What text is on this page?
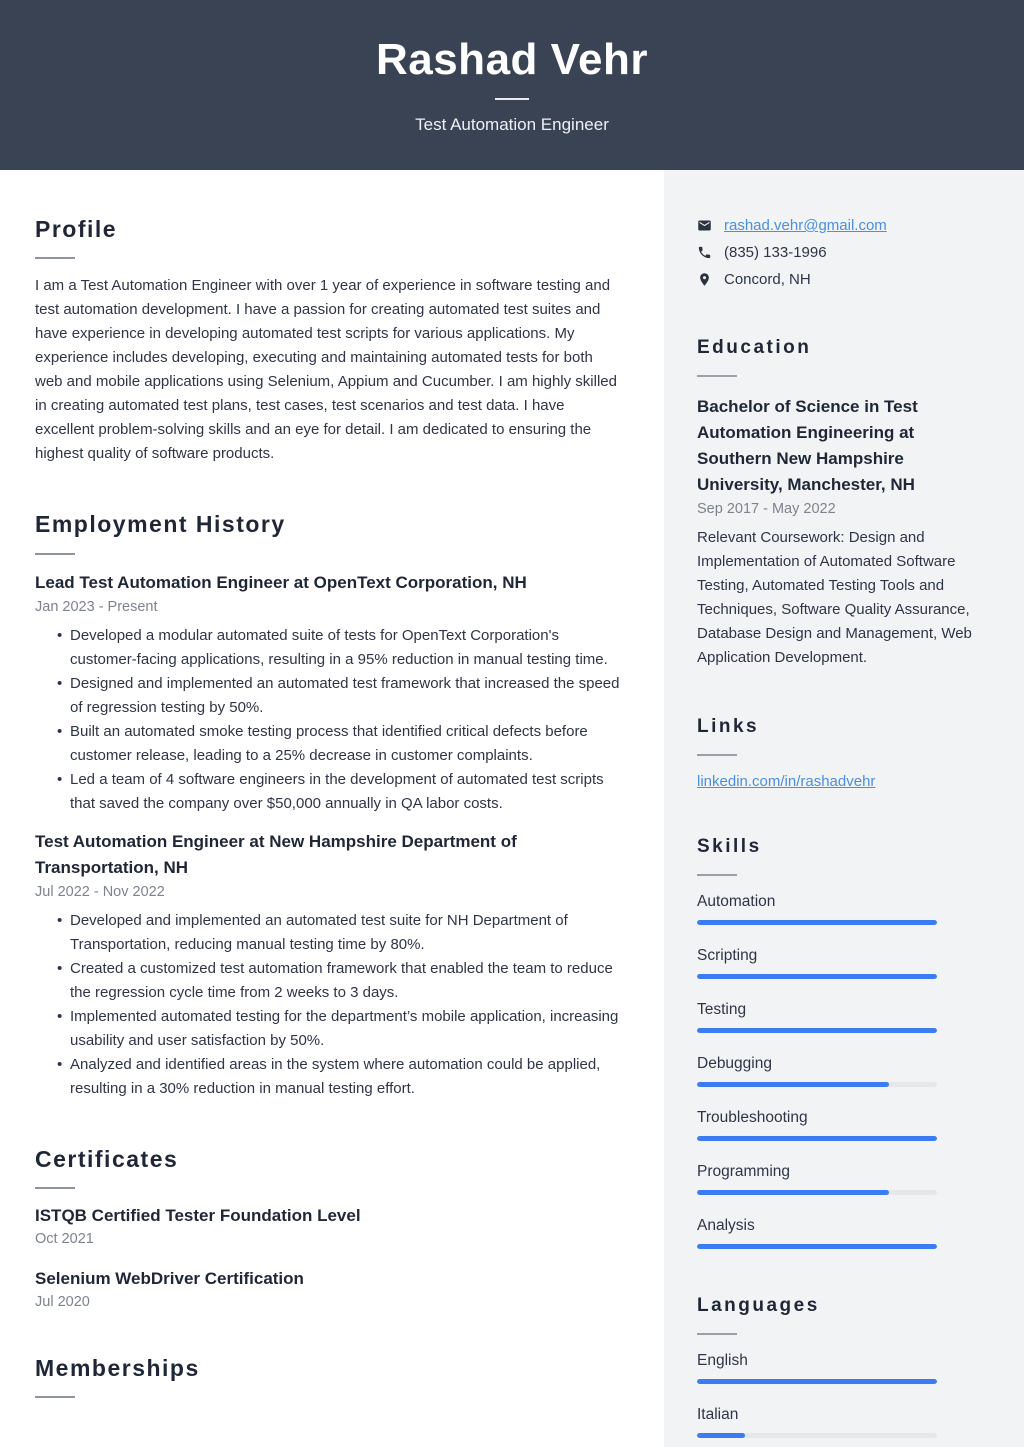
Rashad Vehr
Test Automation Engineer
Profile
I am a Test Automation Engineer with over 1 year of experience in software testing and test automation development. I have a passion for creating automated test suites and have experience in developing automated test scripts for various applications. My experience includes developing, executing and maintaining automated tests for both web and mobile applications using Selenium, Appium and Cucumber. I am highly skilled in creating automated test plans, test cases, test scenarios and test data. I have excellent problem-solving skills and an eye for detail. I am dedicated to ensuring the highest quality of software products.
Employment History
Lead Test Automation Engineer at OpenText Corporation, NH
Jan 2023 - Present
• Developed a modular automated suite of tests for OpenText Corporation's customer-facing applications, resulting in a 95% reduction in manual testing time.
• Designed and implemented an automated test framework that increased the speed of regression testing by 50%.
• Built an automated smoke testing process that identified critical defects before customer release, leading to a 25% decrease in customer complaints.
• Led a team of 4 software engineers in the development of automated test scripts that saved the company over $50,000 annually in QA labor costs.
Test Automation Engineer at New Hampshire Department of Transportation, NH
Jul 2022 - Nov 2022
• Developed and implemented an automated test suite for NH Department of Transportation, reducing manual testing time by 80%.
• Created a customized test automation framework that enabled the team to reduce the regression cycle time from 2 weeks to 3 days.
• Implemented automated testing for the department’s mobile application, increasing usability and user satisfaction by 50%.
• Analyzed and identified areas in the system where automation could be applied, resulting in a 30% reduction in manual testing effort.
Certificates
ISTQB Certified Tester Foundation Level
Oct 2021
Selenium WebDriver Certification
Jul 2020
Memberships
rashad.vehr@gmail.com
(835) 133-1996
Concord, NH
Education
Bachelor of Science in Test Automation Engineering at Southern New Hampshire University, Manchester, NH
Sep 2017 - May 2022
Relevant Coursework: Design and Implementation of Automated Software Testing, Automated Testing Tools and Techniques, Software Quality Assurance, Database Design and Management, Web Application Development.
Links
linkedin.com/in/rashadvehr
Skills
Automation
Scripting
Testing
Debugging
Troubleshooting
Programming
Analysis
Languages
English
Italian
